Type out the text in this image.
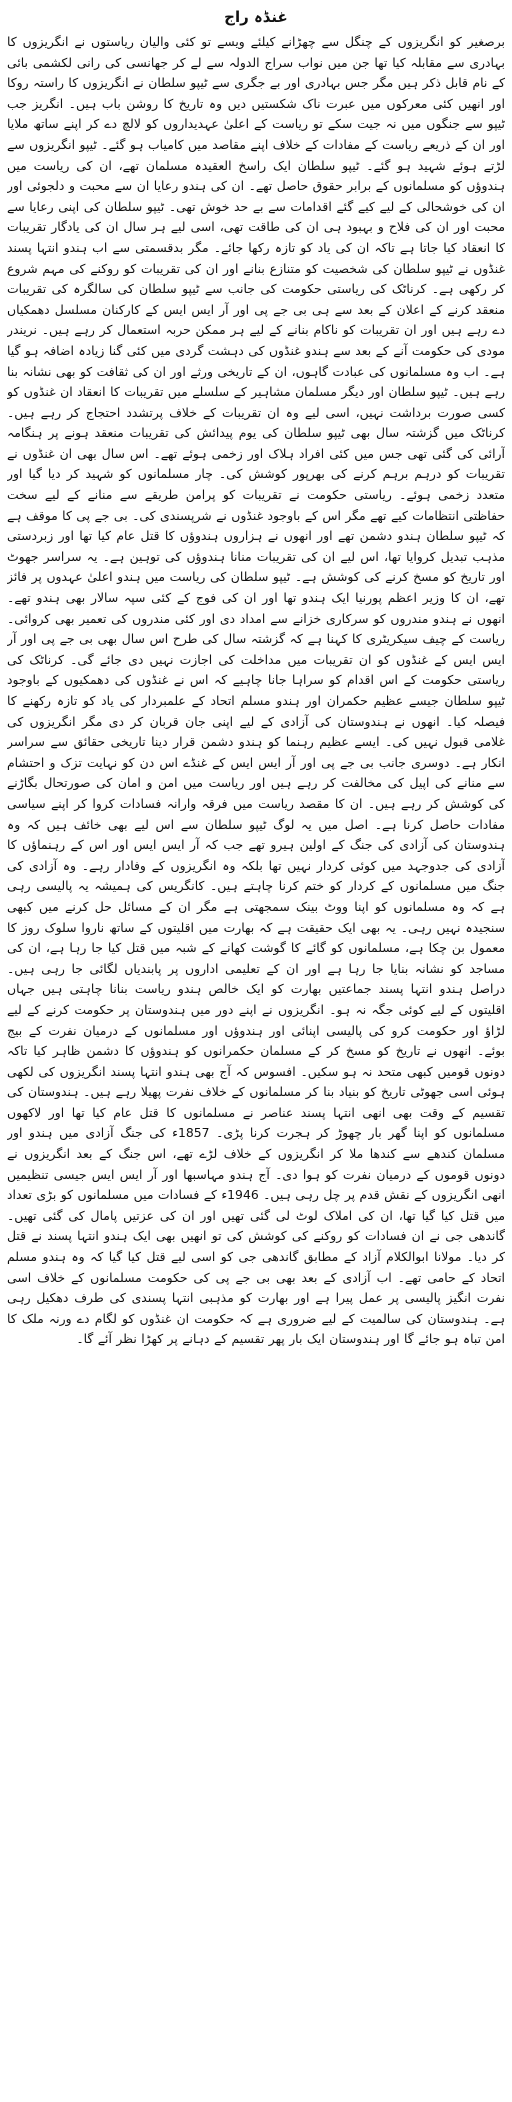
غنڈہ راج

برصغیر کو انگریزوں کے چنگل سے چھڑانے کیلئے ویسے تو کئی والیان ریاستوں نے انگریزوں کا بہادری سے مقابلہ کیا تھا جن میں نواب سراج الدولہ سے لے کر جھانسی کی رانی لکشمی بائی کے نام قابل ذکر ہیں مگر جس بہادری اور بے جگری سے ٹیپو سلطان نے انگریزوں کا راستہ روکا اور انھیں کئی معرکوں میں عبرت ناک شکستیں دیں وہ تاریخ کا روشن باب ہیں۔ انگریز جب ٹیپو سے جنگوں میں نہ جیت سکے تو ریاست کے اعلیٰ عہدیداروں کو لالچ دے کر اپنے ساتھ ملایا اور ان کے ذریعے ریاست کے مفادات کے خلاف اپنے مقاصد میں کامیاب ہو گئے۔ ٹیپو انگریزوں سے لڑتے ہوئے شہید ہو گئے۔ ٹیپو سلطان ایک راسخ العقیدہ مسلمان تھے، ان کی ریاست میں ہندوؤں کو مسلمانوں کے برابر حقوق حاصل تھے۔ ان کی ہندو رعایا ان سے محبت و دلجوئی اور ان کی خوشحالی کے لیے کیے گئے اقدامات سے بے حد خوش تھی۔ ٹیپو سلطان کی اپنی رعایا سے محبت اور ان کی فلاح و بہبود ہی ان کی طاقت تھی، اسی لیے ہر سال ان کی یادگار تقریبات کا انعقاد کیا جاتا ہے تاکہ ان کی یاد کو تازہ رکھا جائے۔ مگر بدقسمتی سے اب ہندو انتہا پسند غنڈوں نے ٹیپو سلطان کی شخصیت کو متنازع بنانے اور ان کی تقریبات کو روکنے کی مہم شروع کر رکھی ہے۔ کرناٹک کی ریاستی حکومت کی جانب سے ٹیپو سلطان کی سالگرہ کی تقریبات منعقد کرنے کے اعلان کے بعد سے ہی بی جے پی اور آر ایس ایس کے کارکنان مسلسل دھمکیاں دے رہے ہیں اور ان تقریبات کو ناکام بنانے کے لیے ہر ممکن حربہ استعمال کر رہے ہیں۔ نریندر مودی کی حکومت آنے کے بعد سے ہندو غنڈوں کی دہشت گردی میں کئی گنا زیادہ اضافہ ہو گیا ہے۔ اب وہ مسلمانوں کی عبادت گاہوں، ان کے تاریخی ورثے اور ان کی ثقافت کو بھی نشانہ بنا رہے ہیں۔ ٹیپو سلطان اور دیگر مسلمان مشاہیر کے سلسلے میں تقریبات کا انعقاد ان غنڈوں کو کسی صورت برداشت نہیں، اسی لیے وہ ان تقریبات کے خلاف پرتشدد احتجاج کر رہے ہیں۔ کرناٹک میں گزشتہ سال بھی ٹیپو سلطان کی یوم پیدائش کی تقریبات منعقد ہونے پر ہنگامہ آرائی کی گئی تھی جس میں کئی افراد ہلاک اور زخمی ہوئے تھے۔ اس سال بھی ان غنڈوں نے تقریبات کو درہم برہم کرنے کی بھرپور کوشش کی۔ چار مسلمانوں کو شہید کر دیا گیا اور متعدد زخمی ہوئے۔ ریاستی حکومت نے تقریبات کو پرامن طریقے سے منانے کے لیے سخت حفاظتی انتظامات کیے تھے مگر اس کے باوجود غنڈوں نے شرپسندی کی۔ بی جے پی کا موقف ہے کہ ٹیپو سلطان ہندو دشمن تھے اور انھوں نے ہزاروں ہندوؤں کا قتل عام کیا تھا اور زبردستی مذہب تبدیل کروایا تھا، اس لیے ان کی تقریبات منانا ہندوؤں کی توہین ہے۔ یہ سراسر جھوٹ اور تاریخ کو مسخ کرنے کی کوشش ہے۔ ٹیپو سلطان کی ریاست میں ہندو اعلیٰ عہدوں پر فائز تھے، ان کا وزیر اعظم پورنیا ایک ہندو تھا اور ان کی فوج کے کئی سپہ سالار بھی ہندو تھے۔ انھوں نے ہندو مندروں کو سرکاری خزانے سے امداد دی اور کئی مندروں کی تعمیر بھی کروائی۔ ریاست کے چیف سیکریٹری کا کہنا ہے کہ گزشتہ سال کی طرح اس سال بھی بی جے پی اور آر ایس ایس کے غنڈوں کو ان تقریبات میں مداخلت کی اجازت نہیں دی جائے گی۔ کرناٹک کی ریاستی حکومت کے اس اقدام کو سراہا جانا چاہیے کہ اس نے غنڈوں کی دھمکیوں کے باوجود ٹیپو سلطان جیسے عظیم حکمران اور ہندو مسلم اتحاد کے علمبردار کی یاد کو تازہ رکھنے کا فیصلہ کیا۔ انھوں نے ہندوستان کی آزادی کے لیے اپنی جان قربان کر دی مگر انگریزوں کی غلامی قبول نہیں کی۔ ایسے عظیم رہنما کو ہندو دشمن قرار دینا تاریخی حقائق سے سراسر انکار ہے۔ دوسری جانب بی جے پی اور آر ایس ایس کے غنڈے اس دن کو نہایت تزک و احتشام سے منانے کی اپیل کی مخالفت کر رہے ہیں اور ریاست میں امن و امان کی صورتحال بگاڑنے کی کوشش کر رہے ہیں۔ ان کا مقصد ریاست میں فرقہ وارانہ فسادات کروا کر اپنے سیاسی مفادات حاصل کرنا ہے۔ اصل میں یہ لوگ ٹیپو سلطان سے اس لیے بھی خائف ہیں کہ وہ ہندوستان کی آزادی کی جنگ کے اولین ہیرو تھے جب کہ آر ایس ایس اور اس کے رہنماؤں کا آزادی کی جدوجہد میں کوئی کردار نہیں تھا بلکہ وہ انگریزوں کے وفادار رہے۔ وہ آزادی کی جنگ میں مسلمانوں کے کردار کو ختم کرنا چاہتے ہیں۔ کانگریس کی ہمیشہ یہ پالیسی رہی ہے کہ وہ مسلمانوں کو اپنا ووٹ بینک سمجھتی ہے مگر ان کے مسائل حل کرنے میں کبھی سنجیدہ نہیں رہی۔ یہ بھی ایک حقیقت ہے کہ بھارت میں اقلیتوں کے ساتھ ناروا سلوک روز کا معمول بن چکا ہے، مسلمانوں کو گائے کا گوشت کھانے کے شبہ میں قتل کیا جا رہا ہے، ان کی مساجد کو نشانہ بنایا جا رہا ہے اور ان کے تعلیمی اداروں پر پابندیاں لگائی جا رہی ہیں۔ دراصل ہندو انتہا پسند جماعتیں بھارت کو ایک خالص ہندو ریاست بنانا چاہتی ہیں جہاں اقلیتوں کے لیے کوئی جگہ نہ ہو۔ انگریزوں نے اپنے دور میں ہندوستان پر حکومت کرنے کے لیے لڑاؤ اور حکومت کرو کی پالیسی اپنائی اور ہندوؤں اور مسلمانوں کے درمیان نفرت کے بیج بوئے۔ انھوں نے تاریخ کو مسخ کر کے مسلمان حکمرانوں کو ہندوؤں کا دشمن ظاہر کیا تاکہ دونوں قومیں کبھی متحد نہ ہو سکیں۔ افسوس کہ آج بھی ہندو انتہا پسند انگریزوں کی لکھی ہوئی اسی جھوٹی تاریخ کو بنیاد بنا کر مسلمانوں کے خلاف نفرت پھیلا رہے ہیں۔ ہندوستان کی تقسیم کے وقت بھی انھی انتہا پسند عناصر نے مسلمانوں کا قتل عام کیا تھا اور لاکھوں مسلمانوں کو اپنا گھر بار چھوڑ کر ہجرت کرنا پڑی۔ 1857ء کی جنگ آزادی میں ہندو اور مسلمان کندھے سے کندھا ملا کر انگریزوں کے خلاف لڑے تھے، اس جنگ کے بعد انگریزوں نے دونوں قوموں کے درمیان نفرت کو ہوا دی۔ آج ہندو مہاسبھا اور آر ایس ایس جیسی تنظیمیں انھی انگریزوں کے نقش قدم پر چل رہی ہیں۔ 1946ء کے فسادات میں مسلمانوں کو بڑی تعداد میں قتل کیا گیا تھا، ان کی املاک لوٹ لی گئی تھیں اور ان کی عزتیں پامال کی گئی تھیں۔ گاندھی جی نے ان فسادات کو روکنے کی کوشش کی تو انھیں بھی ایک ہندو انتہا پسند نے قتل کر دیا۔ مولانا ابوالکلام آزاد کے مطابق گاندھی جی کو اسی لیے قتل کیا گیا کہ وہ ہندو مسلم اتحاد کے حامی تھے۔ اب آزادی کے بعد بھی بی جے پی کی حکومت مسلمانوں کے خلاف اسی نفرت انگیز پالیسی پر عمل پیرا ہے اور بھارت کو مذہبی انتہا پسندی کی طرف دھکیل رہی ہے۔ ہندوستان کی سالمیت کے لیے ضروری ہے کہ حکومت ان غنڈوں کو لگام دے ورنہ ملک کا امن تباہ ہو جائے گا اور ہندوستان ایک بار پھر تقسیم کے دہانے پر کھڑا نظر آئے گا۔
